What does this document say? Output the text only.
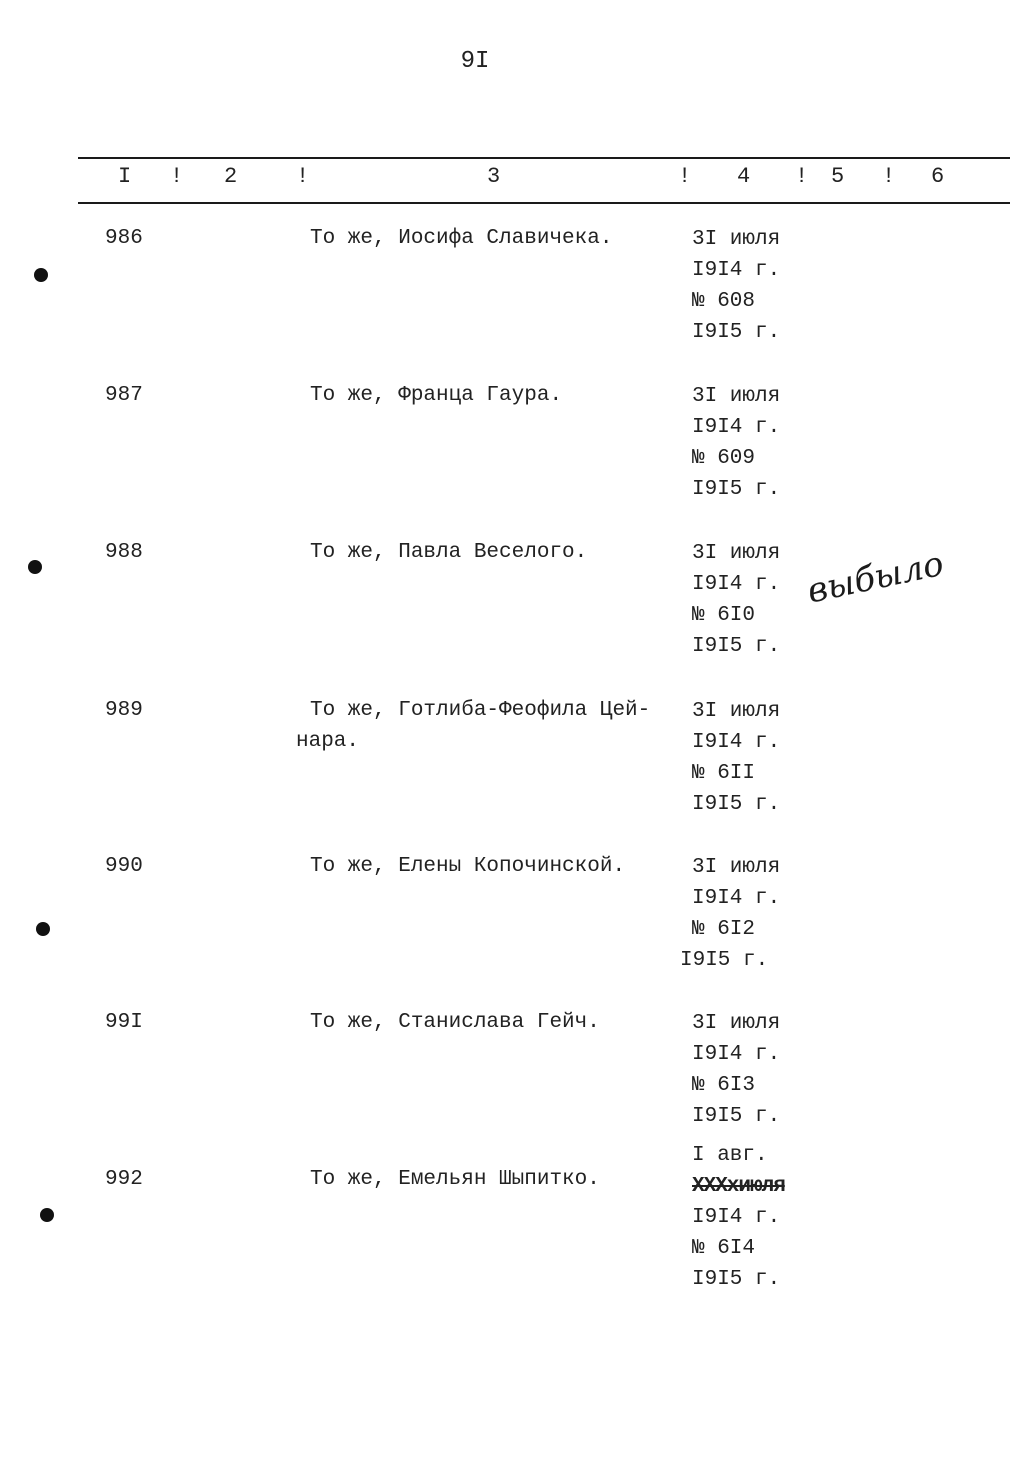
9I
I ! 2	!	3	! 4 ! 5 ! 6
986	То же, Иосифа Славичека.	3I июля
I9I4 г.
№ 608
I9I5 г.
987	То же, Франца Гаура.	3I июля
I9I4 г.
№ 609
I9I5 г.
988	То же, Павла Веселого.	3I июля
I9I4 г.
№ 6I0
I9I5 г.
выбыло
989	То же, Готлиба-Феофила Цей-
нара.
3I июля
I9I4 г.
№ 6II
I9I5 г.
990	То же, Елены Копочинской.	3I июля
I9I4 г.
№ 6I2
I9I5 г.
99I	То же, Станислава Гейч.	3I июля
I9I4 г.
№ 6I3
I9I5 г.
992	То же, Емельян Шыпитко.
I авг.
XXXxиюля
I9I4 г.
№ 6I4
I9I5 г.
